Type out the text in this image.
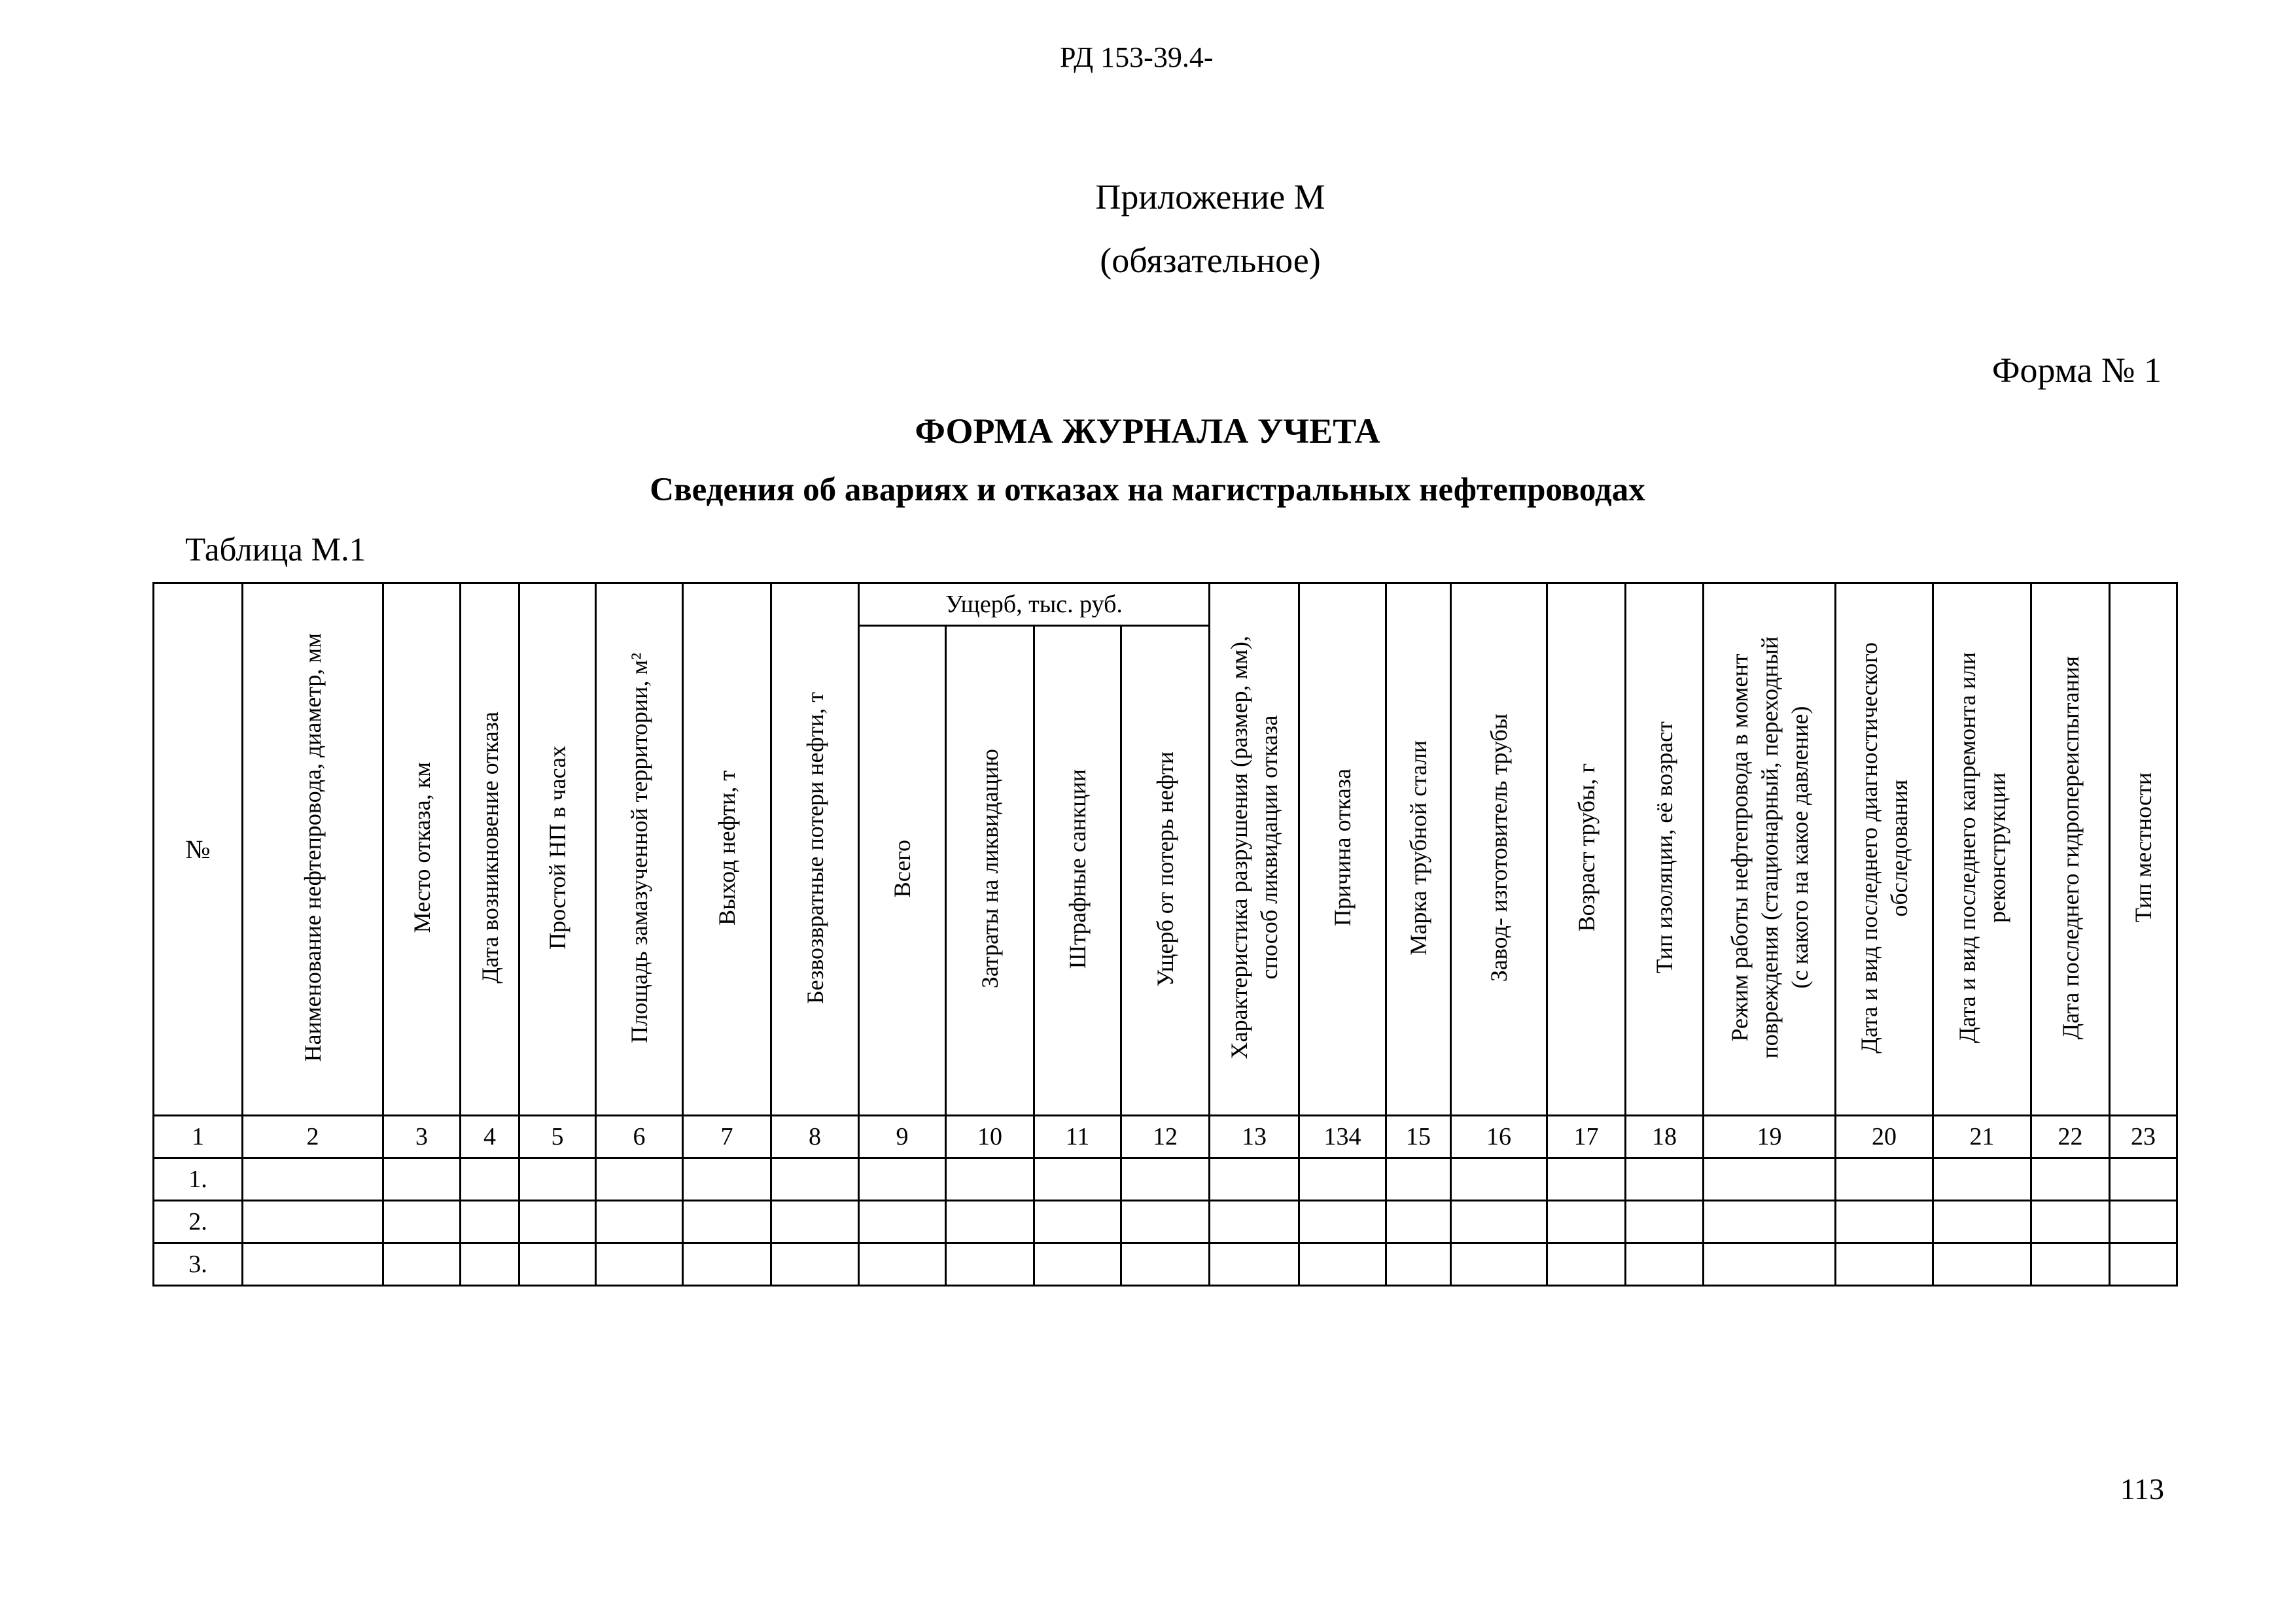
РД 153-39.4-
Приложение М
(обязательное)
Форма № 1
ФОРМА ЖУРНАЛА УЧЕТА
Сведения об авариях и отказах на магистральных нефтепроводах
Таблица М.1
№	Наименование нефтепровода, диаметр, мм	Место отказа, км	Дата возникновение отказа	Простой НП в часах	Площадь замазученной территории, м²	Выход нефти, т	Безвозвратные потери нефти, т	Ущерб, тыс. руб.				Характеристика разрушения (размер, мм),
способ ликвидации отказа	Причина отказа	Марка трубной стали	Завод- изготовитель трубы	Возраст трубы, г	Тип изоляции, её возраст	Режим работы нефтепровода в момент
повреждения (стационарный, переходный
(с какого на какое давление)	Дата и вид последнего диагностического
обследования	Дата и вид последнего капремонта или
реконструкции	Дата последнего гидропереиспытания	Тип местности
								Всего	Затраты на ликвидацию	Штрафные санкции	Ущерб от потерь нефти											
1	2	3	4	5	6	7	8	9	10	11	12	13	134	15	16	17	18	19	20	21	22	23
1.																						
2.																						
3.																						
113
